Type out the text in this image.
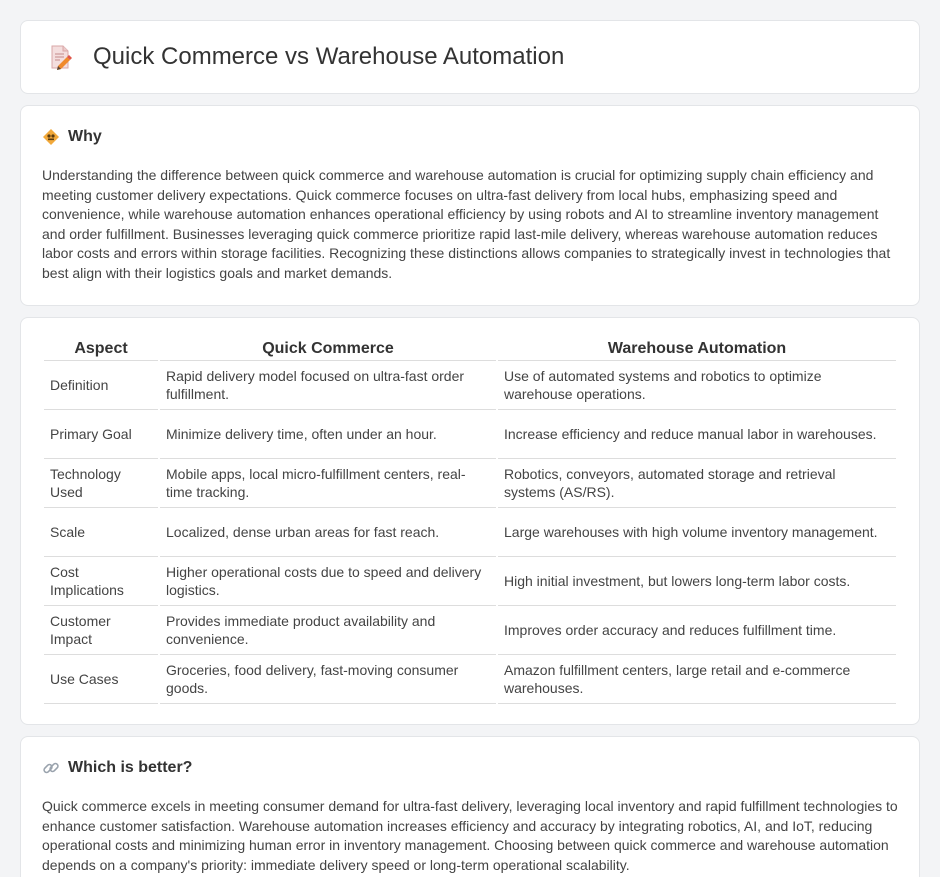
Quick Commerce vs Warehouse Automation
Why

Understanding the difference between quick commerce and warehouse automation is crucial for optimizing supply chain efficiency and meeting customer delivery expectations. Quick commerce focuses on ultra-fast delivery from local hubs, emphasizing speed and convenience, while warehouse automation enhances operational efficiency by using robots and AI to streamline inventory management and order fulfillment. Businesses leveraging quick commerce prioritize rapid last-mile delivery, whereas warehouse automation reduces labor costs and errors within storage facilities. Recognizing these distinctions allows companies to strategically invest in technologies that best align with their logistics goals and market demands.

Aspect	Quick Commerce	Warehouse Automation
Definition	Rapid delivery model focused on ultra-fast order fulfillment.	Use of automated systems and robotics to optimize warehouse operations.
Primary Goal	Minimize delivery time, often under an hour.	Increase efficiency and reduce manual labor in warehouses.
Technology Used	Mobile apps, local micro-fulfillment centers, real-time tracking.	Robotics, conveyors, automated storage and retrieval systems (AS/RS).
Scale	Localized, dense urban areas for fast reach.	Large warehouses with high volume inventory management.
Cost Implications	Higher operational costs due to speed and delivery logistics.	High initial investment, but lowers long-term labor costs.
Customer Impact	Provides immediate product availability and convenience.	Improves order accuracy and reduces fulfillment time.
Use Cases	Groceries, food delivery, fast-moving consumer goods.	Amazon fulfillment centers, large retail and e-commerce warehouses.
Which is better?

Quick commerce excels in meeting consumer demand for ultra-fast delivery, leveraging local inventory and rapid fulfillment technologies to enhance customer satisfaction. Warehouse automation increases efficiency and accuracy by integrating robotics, AI, and IoT, reducing operational costs and minimizing human error in inventory management. Choosing between quick commerce and warehouse automation depends on a company's priority: immediate delivery speed or long-term operational scalability.
